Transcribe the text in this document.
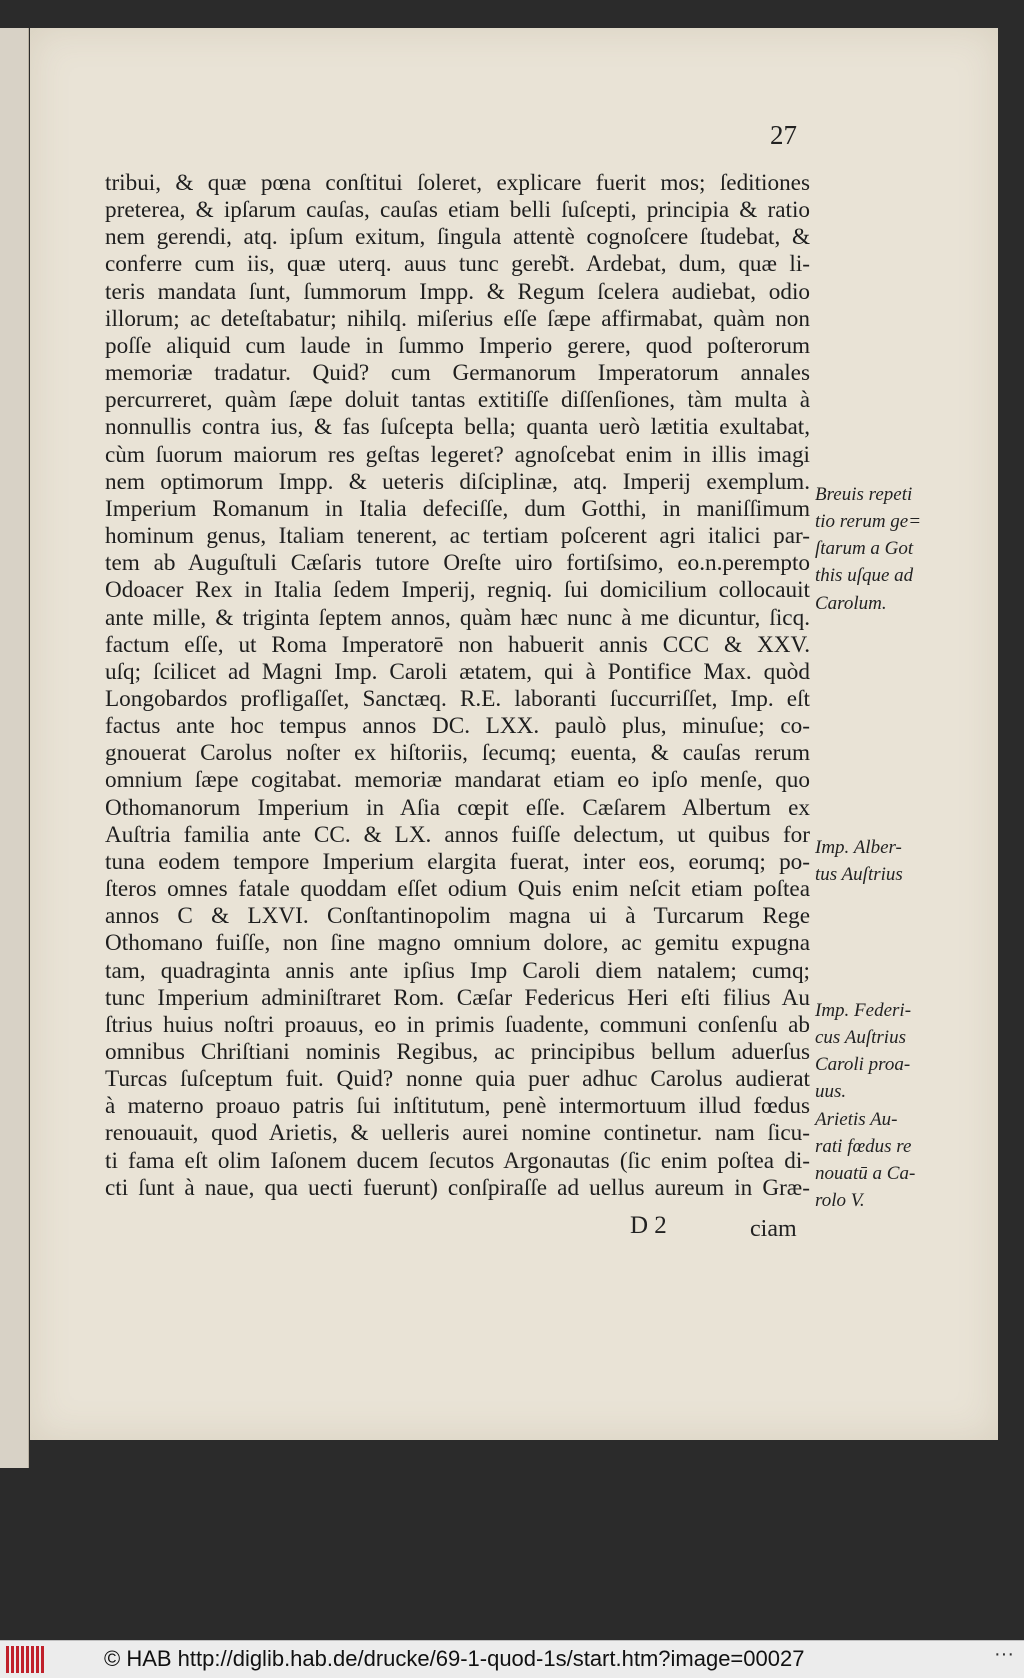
27
tribui, & quæ pœna conſtitui ſoleret, explicare fuerit mos; ſeditiones
preterea, & ipſarum cauſas, cauſas etiam belli ſuſcepti, principia & ratio
nem gerendi, atq. ipſum exitum, ſingula attentè cognoſcere ſtudebat, &
conferre cum iis, quæ uterq. auus tunc gereb͂t. Ardebat, dum, quæ li-
teris mandata ſunt, ſummorum Impp. & Regum ſcelera audiebat, odio
illorum; ac deteſtabatur; nihilq. miſerius eſſe ſæpe affirmabat, quàm non
poſſe aliquid cum laude in ſummo Imperio gerere, quod poſterorum
memoriæ tradatur. Quid? cum Germanorum Imperatorum annales
percurreret, quàm ſæpe doluit tantas extitiſſe diſſenſiones, tàm multa à
nonnullis contra ius, & fas ſuſcepta bella; quanta uerò lætitia exultabat,
cùm ſuorum maiorum res geſtas legeret? agnoſcebat enim in illis imagi
nem optimorum Impp. & ueteris diſciplinæ, atq. Imperij exemplum.
Imperium Romanum in Italia defeciſſe, dum Gotthi, in maniſſimum
hominum genus, Italiam tenerent, ac tertiam poſcerent agri italici par-
tem ab Auguſtuli Cæſaris tutore Oreſte uiro fortiſsimo, eo.n.perempto
Odoacer Rex in Italia ſedem Imperij, regniq. ſui domicilium collocauit
ante mille, & triginta ſeptem annos, quàm hæc nunc à me dicuntur, ſicq.
factum eſſe, ut Roma Imperatorē non habuerit annis CCC & XXV.
uſq; ſcilicet ad Magni Imp. Caroli ætatem, qui à Pontifice Max. quòd
Longobardos profligaſſet, Sanctæq. R.E. laboranti ſuccurriſſet, Imp. eſt
factus ante hoc tempus annos DC. LXX. paulò plus, minuſue; co-
gnouerat Carolus noſter ex hiſtoriis, ſecumq; euenta, & cauſas rerum
omnium ſæpe cogitabat. memoriæ mandarat etiam eo ipſo menſe, quo
Othomanorum Imperium in Aſia cœpit eſſe. Cæſarem Albertum ex
Auſtria familia ante CC. & LX. annos fuiſſe delectum, ut quibus for
tuna eodem tempore Imperium elargita fuerat, inter eos, eorumq; po-
ſteros omnes fatale quoddam eſſet odium Quis enim neſcit etiam poſtea
annos C & LXVI. Conſtantinopolim magna ui à Turcarum Rege
Othomano fuiſſe, non ſine magno omnium dolore, ac gemitu expugna
tam, quadraginta annis ante ipſius Imp Caroli diem natalem; cumq;
tunc Imperium adminiſtraret Rom. Cæſar Federicus Heri eſti filius Au
ſtrius huius noſtri proauus, eo in primis ſuadente, communi conſenſu ab
omnibus Chriſtiani nominis Regibus, ac principibus bellum aduerſus
Turcas ſuſceptum fuit. Quid? nonne quia puer adhuc Carolus audierat
à materno proauo patris ſui inſtitutum, penè intermortuum illud fœdus
renouauit, quod Arietis, & uelleris aurei nomine continetur. nam ſicu-
ti fama eſt olim Iaſonem ducem ſecutos Argonautas (ſic enim poſtea di-
cti ſunt à naue, qua uecti fuerunt) conſpiraſſe ad uellus aureum in Græ-
Breuis repeti
tio rerum ge=
ſtarum a Got
this uſque ad
Carolum.
Imp. Alber-
tus Auſtrius
Imp. Federi-
cus Auſtrius
Caroli proa-
uus.
Arietis Au-
rati fœdus re
nouatū a Ca-
rolo V.
D 2	ciam
© HAB http://diglib.hab.de/drucke/69-1-quod-1s/start.htm?image=00027	···
